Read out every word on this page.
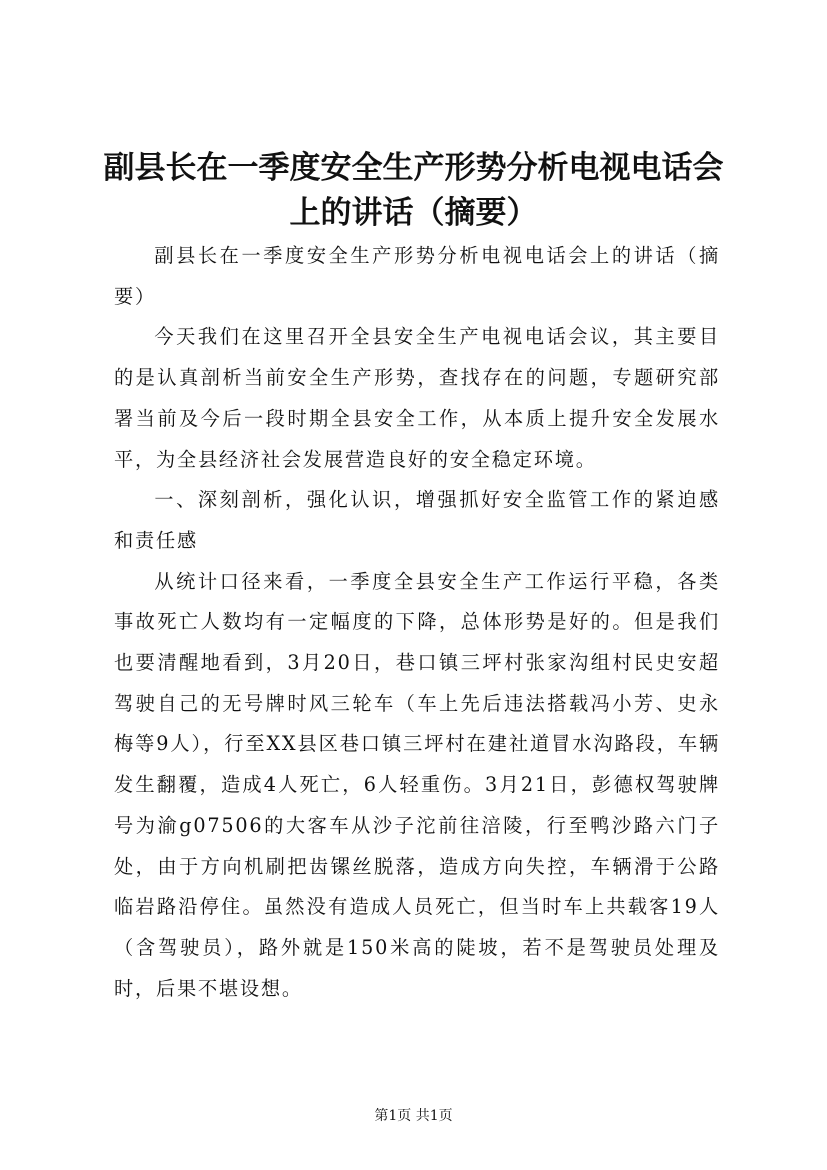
副县长在一季度安全生产形势分析电视电话会上的讲话（摘要）

副县长在一季度安全生产形势分析电视电话会上的讲话（摘要）

今天我们在这里召开全县安全生产电视电话会议，其主要目的是认真剖析当前安全生产形势，查找存在的问题，专题研究部署当前及今后一段时期全县安全工作，从本质上提升安全发展水平，为全县经济社会发展营造良好的安全稳定环境。

一、深刻剖析，强化认识，增强抓好安全监管工作的紧迫感和责任感

从统计口径来看，一季度全县安全生产工作运行平稳，各类事故死亡人数均有一定幅度的下降，总体形势是好的。但是我们也要清醒地看到，3月20日，巷口镇三坪村张家沟组村民史安超驾驶自己的无号牌时风三轮车（车上先后违法搭载冯小芳、史永梅等9人），行至XX县区巷口镇三坪村在建社道冒水沟路段，车辆发生翻覆，造成4人死亡，6人轻重伤。3月21日，彭德权驾驶牌号为渝g07506的大客车从沙子沱前往涪陵，行至鸭沙路六门子处，由于方向机刷把齿镙丝脱落，造成方向失控，车辆滑于公路临岩路沿停住。虽然没有造成人员死亡，但当时车上共载客19人（含驾驶员），路外就是150米高的陡坡，若不是驾驶员处理及时，后果不堪设想。

第1页 共1页
